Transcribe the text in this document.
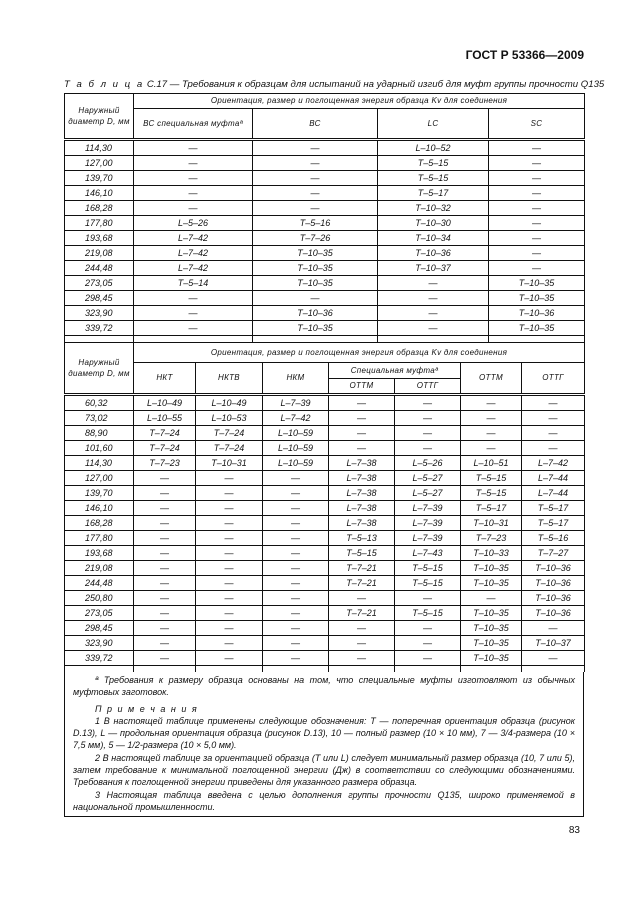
ГОСТ Р 53366—2009
Т а б л и ц а С.17 — Требования к образцам для испытаний на ударный изгиб для муфт группы прочности Q135
Наружный диаметр D, мм	Ориентация, размер и поглощенная энергия образца Kv для соединения			
	ВС специальная муфтаª	ВС	LC	SC
114,30	—	—	L–10–52	—
127,00	—	—	T–5–15	—
139,70	—	—	T–5–15	—
146,10	—	—	T–5–17	—
168,28	—	—	T–10–32	—
177,80	L–5–26	T–5–16	T–10–30	—
193,68	L–7–42	T–7–26	T–10–34	—
219,08	L–7–42	T–10–35	T–10–36	—
244,48	L–7–42	T–10–35	T–10–37	—
273,05	T–5–14	T–10–35	—	T–10–35
298,45	—	—	—	T–10–35
323,90	—	T–10–36	—	T–10–36
339,72	—	T–10–35	—	T–10–35

Наружный диаметр D, мм	Ориентация, размер и поглощенная энергия образца Kv для соединения						
	НКТ	НКТВ	НКМ	Специальная муфтаª		ОТТМ	ОТТГ
				ОТТМ	ОТТГ		
60,32	L–10–49	L–10–49	L–7–39	—	—	—	—
73,02	L–10–55	L–10–53	L–7–42	—	—	—	—
88,90	T–7–24	T–7–24	L–10–59	—	—	—	—
101,60	T–7–24	T–7–24	L–10–59	—	—	—	—
114,30	T–7–23	T–10–31	L–10–59	L–7–38	L–5–26	L–10–51	L–7–42
127,00	—	—	—	L–7–38	L–5–27	T–5–15	L–7–44
139,70	—	—	—	L–7–38	L–5–27	T–5–15	L–7–44
146,10	—	—	—	L–7–38	L–7–39	T–5–17	T–5–17
168,28	—	—	—	L–7–38	L–7–39	T–10–31	T–5–17
177,80	—	—	—	T–5–13	L–7–39	T–7–23	T–5–16
193,68	—	—	—	T–5–15	L–7–43	T–10–33	T–7–27
219,08	—	—	—	T–7–21	T–5–15	T–10–35	T–10–36
244,48	—	—	—	T–7–21	T–5–15	T–10–35	T–10–36
250,80	—	—	—	—	—	—	T–10–36
273,05	—	—	—	T–7–21	T–5–15	T–10–35	T–10–36
298,45	—	—	—	—	—	T–10–35	—
323,90	—	—	—	—	—	T–10–35	T–10–37
339,72	—	—	—	—	—	T–10–35	—

ª Требования к размеру образца основаны на том, что специальные муфты изготовляют из обычных муфтовых заготовок.

П р и м е ч а н и я

1 В настоящей таблице применены следующие обозначения: Т — поперечная ориентация образца (рисунок D.13), L — продольная ориентация образца (рисунок D.13), 10 — полный размер (10 × 10 мм), 7 — 3/4-размера (10 × 7,5 мм), 5 — 1/2-размера (10 × 5,0 мм).

2 В настоящей таблице за ориентацией образца (Т или L) следует минимальный размер образца (10, 7 или 5), затем требование к минимальной поглощенной энергии (Дж) в соответствии со следующими обозначениями. Требования к поглощенной энергии приведены для указанного размера образца.

3 Настоящая таблица введена с целью дополнения группы прочности Q135, широко применяемой в национальной промышленности.

83
